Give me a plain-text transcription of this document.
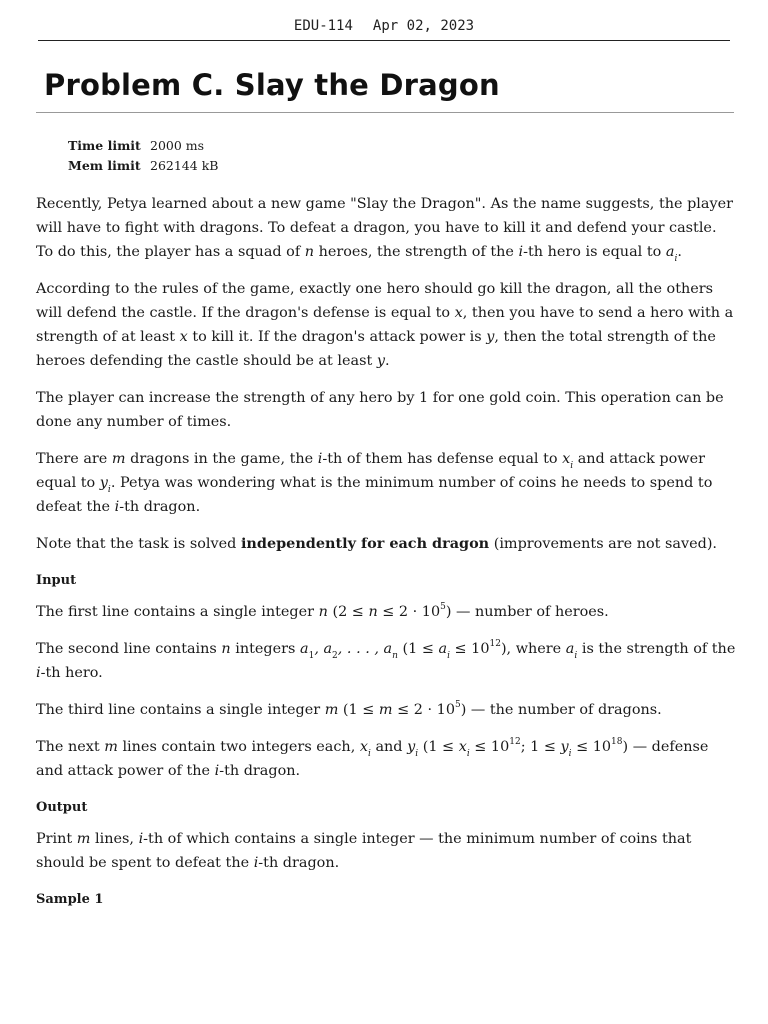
EDU-114 Apr 02, 2023
Problem C. Slay the Dragon
Time limit 2000 ms
Mem limit 262144 kB

Recently, Petya learned about a new game "Slay the Dragon". As the name suggests, the player will have to fight with dragons. To defeat a dragon, you have to kill it and defend your castle. To do this, the player has a squad of n heroes, the strength of the i-th hero is equal to $a_i$.

According to the rules of the game, exactly one hero should go kill the dragon, all the others will defend the castle. If the dragon's defense is equal to x, then you have to send a hero with a strength of at least x to kill it. If the dragon's attack power is y, then the total strength of the heroes defending the castle should be at least y.

The player can increase the strength of any hero by 1 for one gold coin. This operation can be done any number of times.

There are m dragons in the game, the i-th of them has defense equal to $x_i$ and attack power equal to $y_i$. Petya was wondering what is the minimum number of coins he needs to spend to defeat the i-th dragon.

Note that the task is solved independently for each dragon (improvements are not saved).

Input

The first line contains a single integer n $(2 \le n \le 2 \cdot 10^5)$ — number of heroes.

The second line contains n integers $a_1$, $a_2$, . . . , $a_n$ $(1 \le a_i \le 10^{12})$, where $a_i$ is the strength of the i-th hero.

The third line contains a single integer m $(1 \le m \le 2 \cdot 10^5)$ — the number of dragons.

The next m lines contain two integers each, $x_i$ and $y_i$ ($1 \le x_i \le 10^{12}$; $1 \le y_i \le 10^{18}$) — defense and attack power of the i-th dragon.

Output

Print m lines, i-th of which contains a single integer — the minimum number of coins that should be spent to defeat the i-th dragon.

Sample 1
